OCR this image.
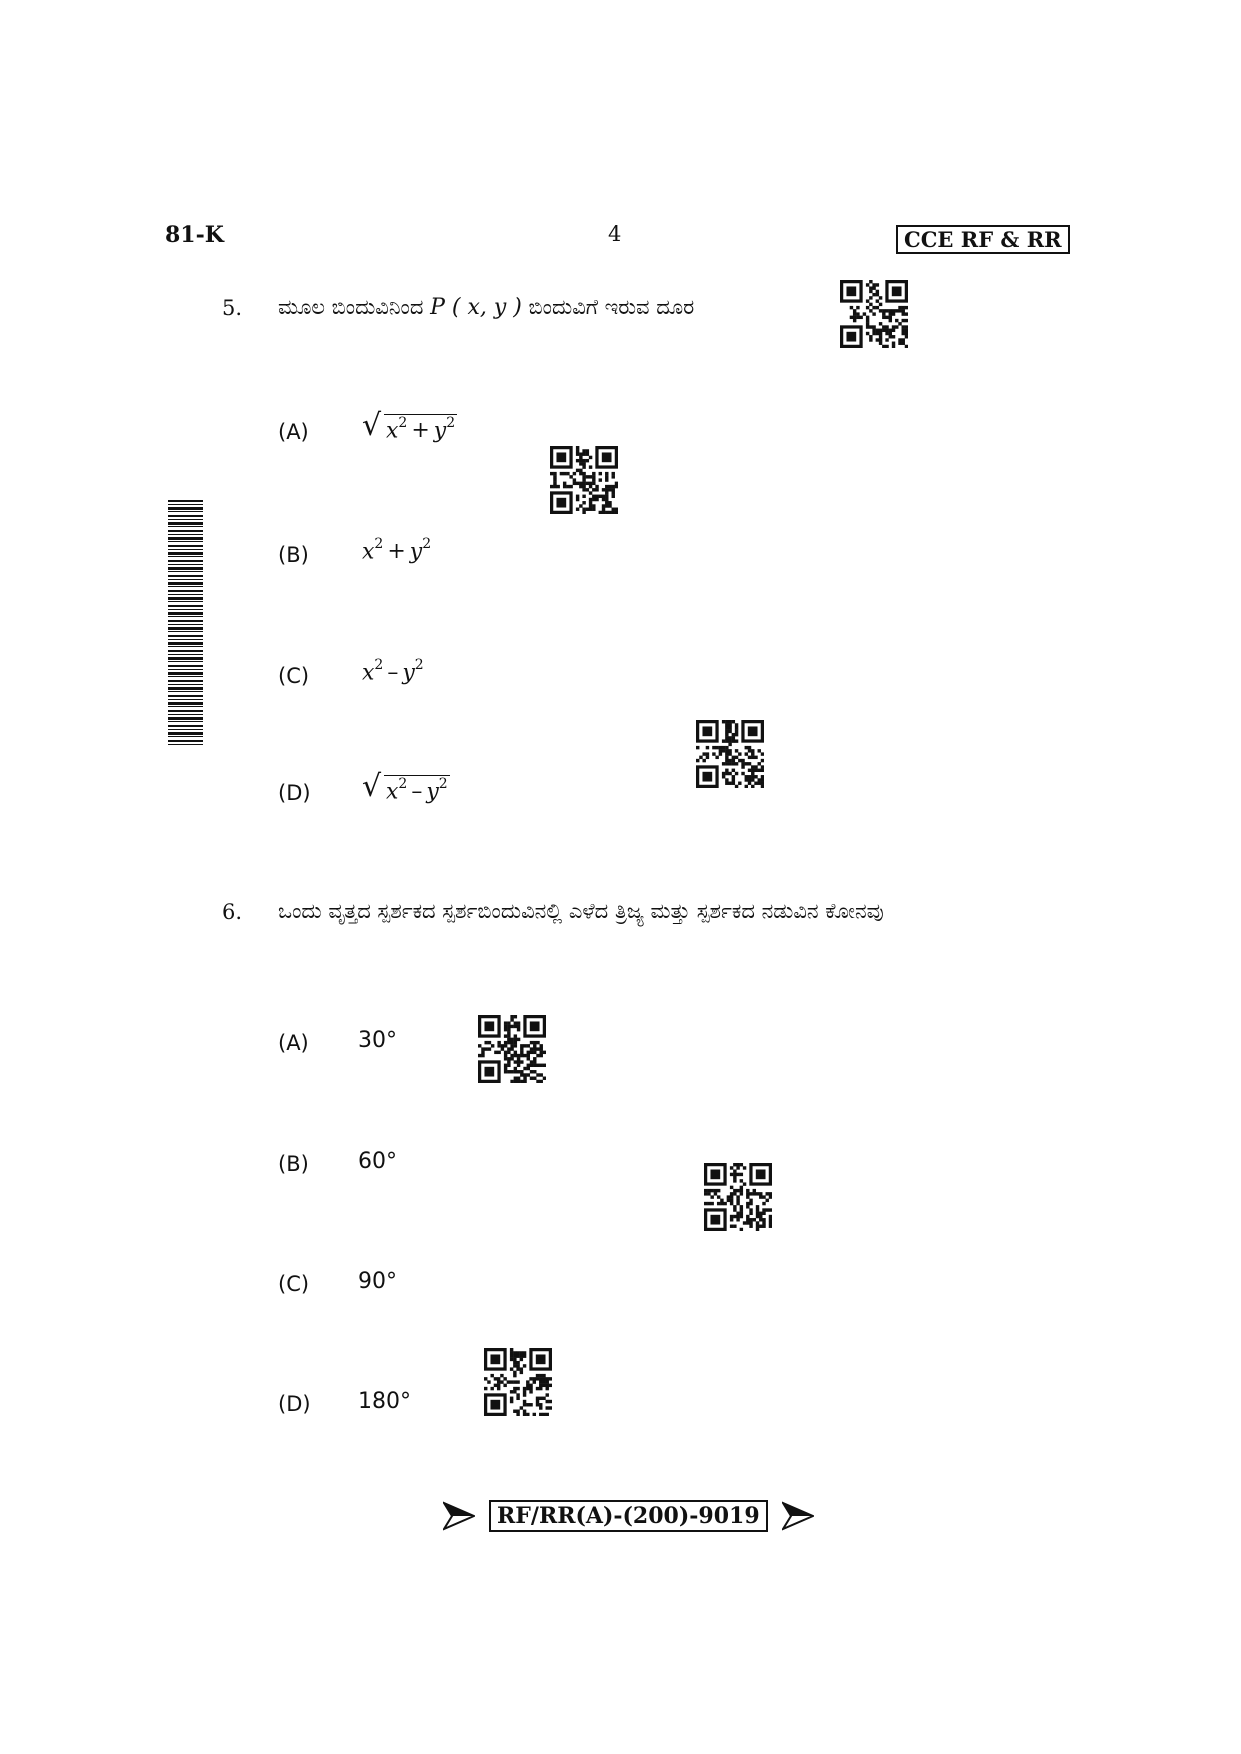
81-K	4	CCE RF & RR
5. ಮೂಲ ಬಿಂದುವಿನಿಂದ P ( x, y ) ಬಿಂದುವಿಗೆ ಇರುವ ದೂರ
(A) √ $x^2 + y^2$
(B) $x^2 + y^2$
(C) $x^2 - y^2$
(D) √ $x^2 - y^2$
6. ಒಂದು ವೃತ್ತದ ಸ್ಪರ್ಶಕದ ಸ್ಪರ್ಶಬಿಂದುವಿನಲ್ಲಿ ಎಳೆದ ತ್ರಿಜ್ಯ ಮತ್ತು ಸ್ಪರ್ಶಕದ ನಡುವಿನ ಕೋನವು
(A) 30°
(B) 60°
(C) 90°
(D) 180°
RF/RR(A)-(200)-9019
